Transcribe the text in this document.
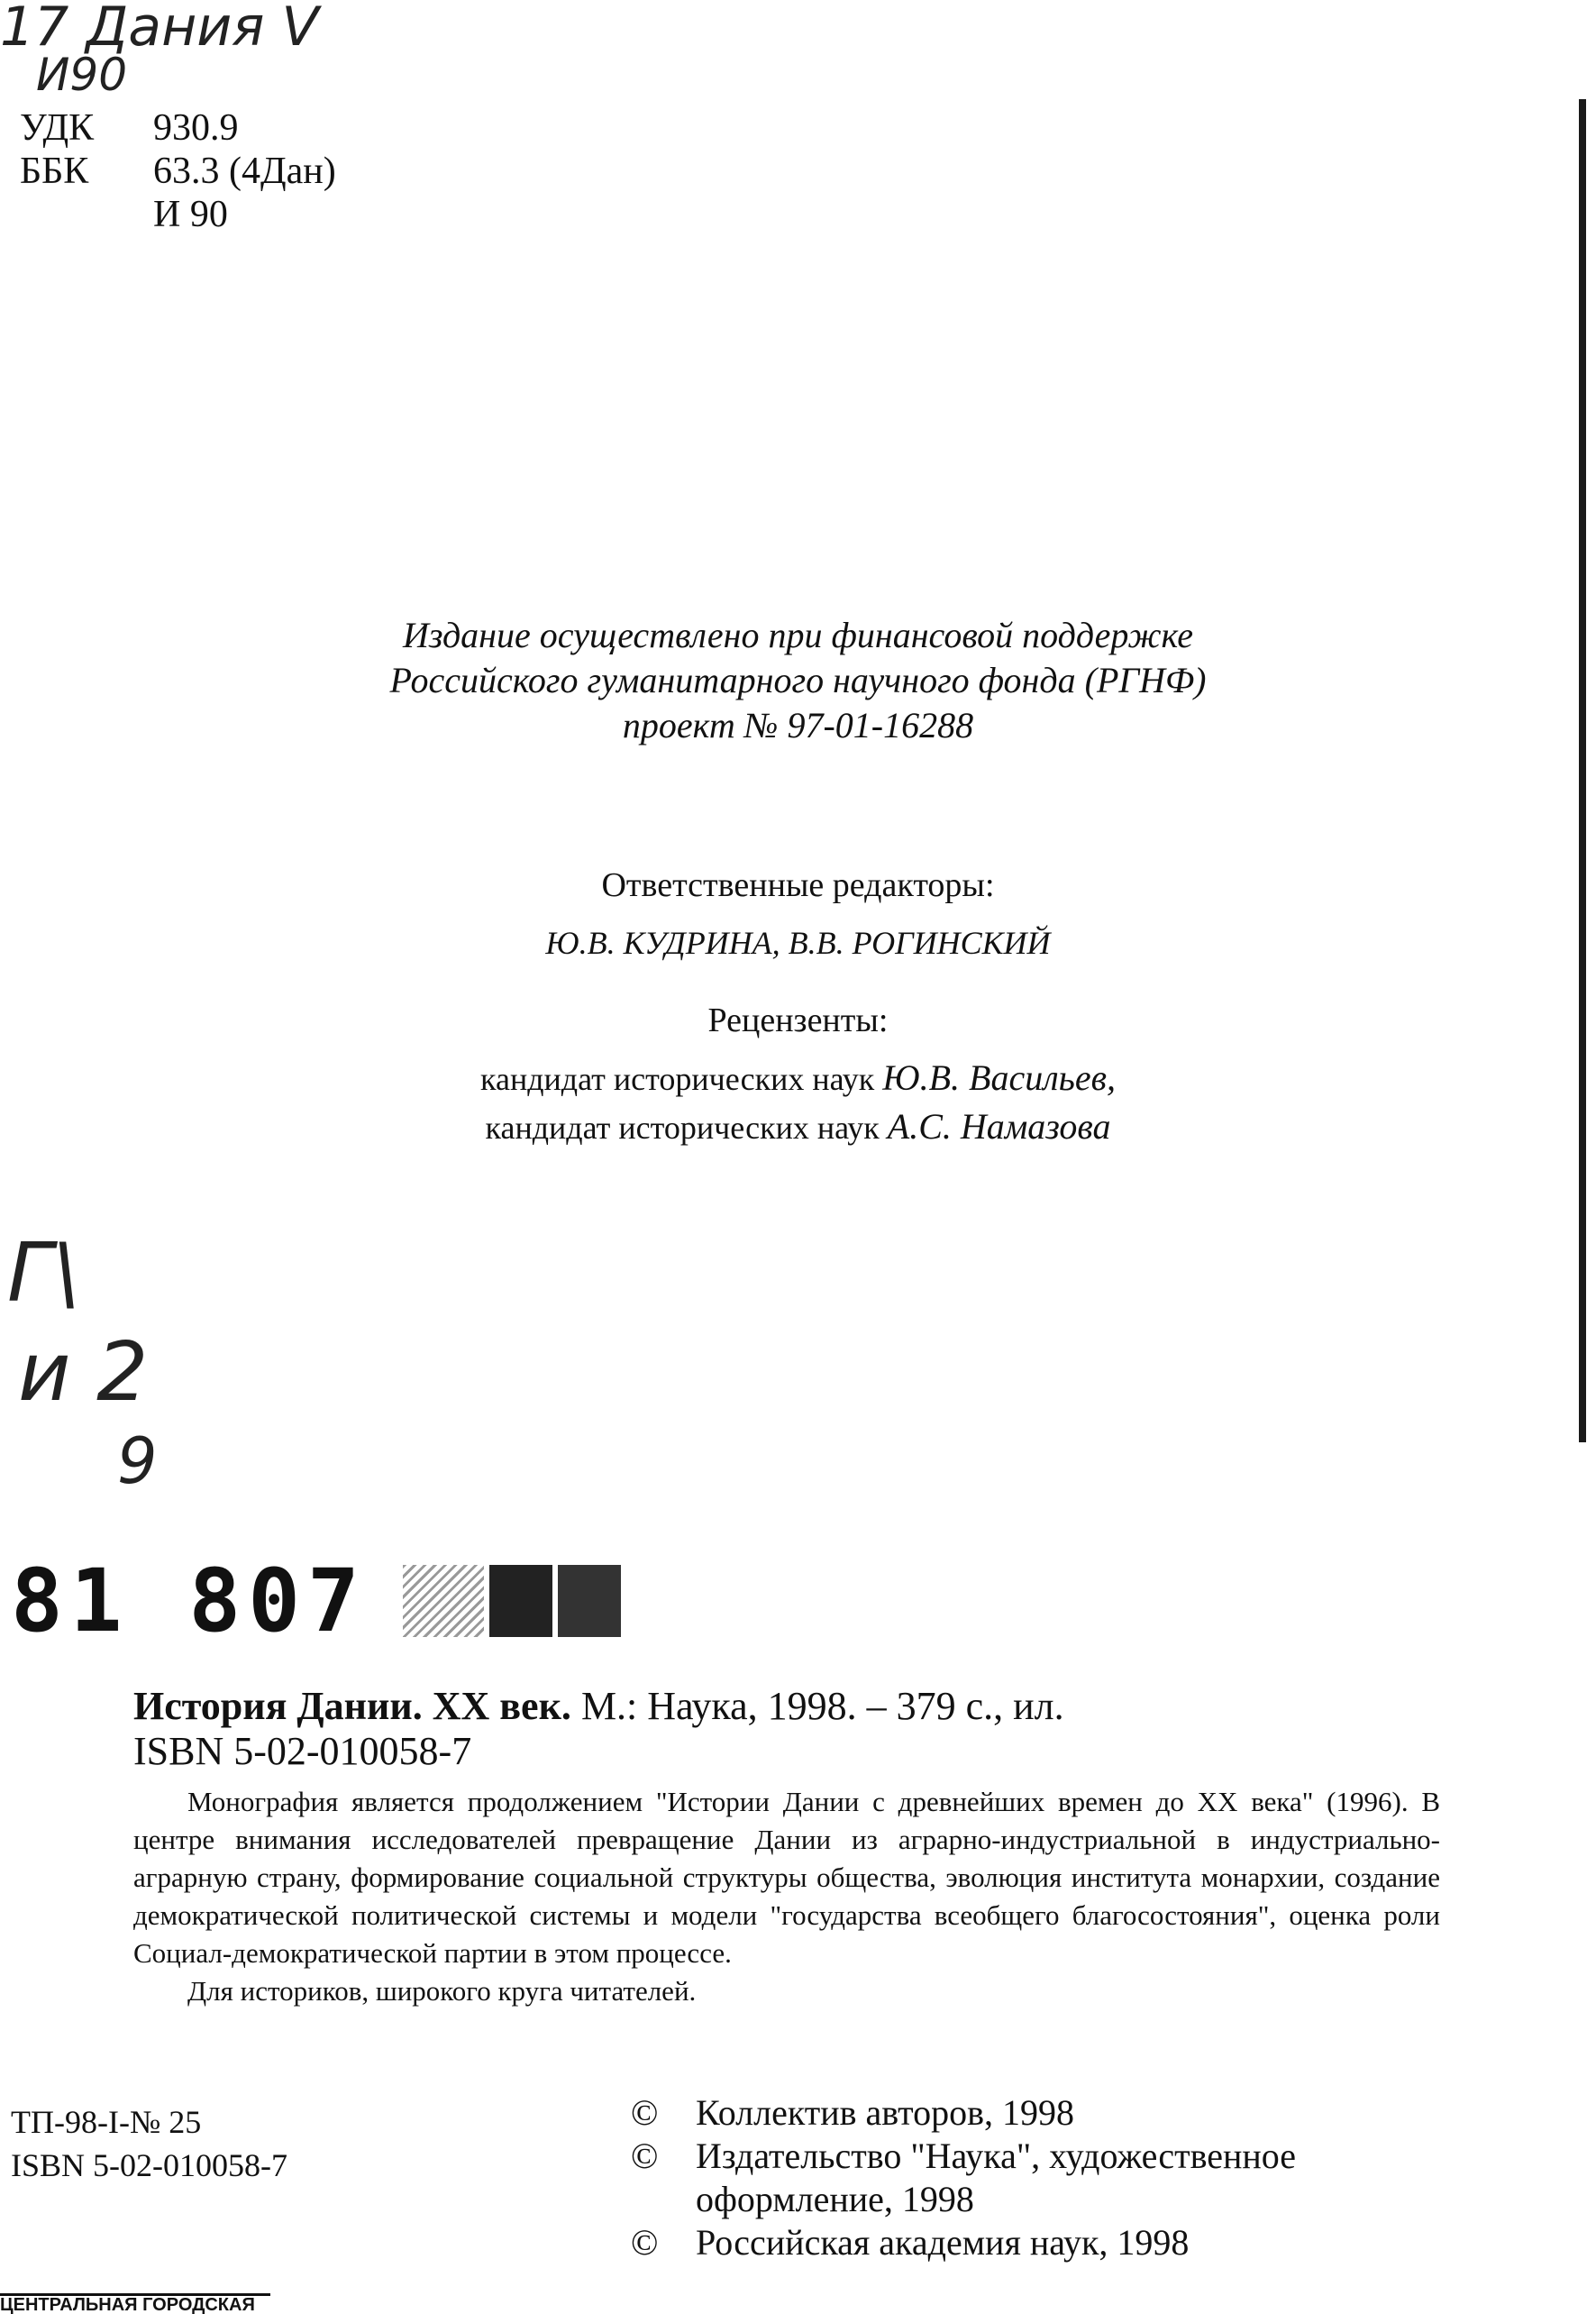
17 Дания V
И90
Г\
и 2
9
УДК 930.9
ББК 63.3 (4Дан)
И 90
Издание осуществлено при финансовой поддержке
Российского гуманитарного научного фонда (РГНФ)
проект № 97-01-16288
Ответственные редакторы:
Ю.В. КУДРИНА, В.В. РОГИНСКИЙ
Рецензенты:
кандидат исторических наук Ю.В. Васильев,
кандидат исторических наук А.С. Намазова
81 807
История Дании. ХХ век. М.: Наука, 1998. – 379 с., ил.
ISBN 5-02-010058-7
Монография является продолжением "Истории Дании с древнейших времен до ХХ века" (1996). В центре внимания исследователей превращение Дании из аграрно-индустриальной в индустриально-аграрную страну, формирование социальной структуры общества, эволюция института монархии, создание демократической политической системы и модели "государства всеобщего благосостояния", оценка роли Социал-демократической партии в этом процессе.
Для историков, широкого круга читателей.
ТП-98-I-№ 25
ISBN 5-02-010058-7
©	Коллектив авторов, 1998
©	Издательство "Наука", художественное оформление, 1998
©	Российская академия наук, 1998
ЦЕНТРАЛЬНАЯ ГОРОДСКАЯ
